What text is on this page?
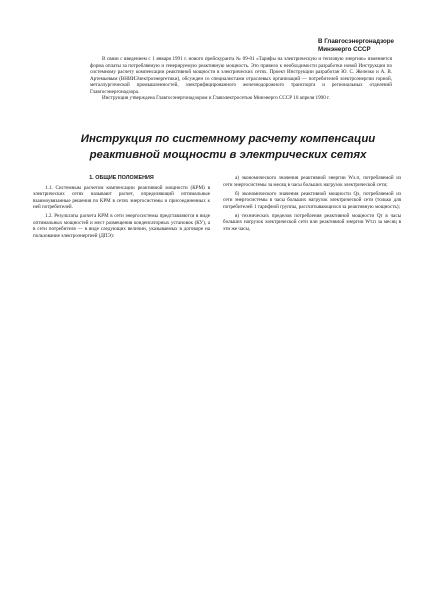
В Главгосэнергонадзоре
Минэнерго СССР

В связи с введением с 1 января 1991 г. нового прейскуранта № 09-01 «Тарифы на электрическую и тепловую энергию» изменяется форма оплаты за потребляемую и генерируемую реактивную мощность. Это привело к необходимости разработки новой Инструкции по системному расчету компенсации реактивной мощности в электрических сетях. Проект Инструкции разработан Ю. С. Железко и А. В. Артемьевым (ВНИИЭлектроэнергетики), обсужден со специалистами отраслевых организаций — потребителей электроэнергии горной, металлургической промышленностей, электрифицированного железнодорожного транспорта и региональных отделений Главгосэнергонадзора.

Инструкция утверждена Главгосэнергонадзором и Главэлектросетью Минэнерго СССР 10 апреля 1990 г.

Инструкция по системному расчету компенсации
реактивной мощности в электрических сетях
1. ОБЩИЕ ПОЛОЖЕНИЯ

1.1. Системным расчетом компенсации реактивной мощности (КРМ) в электрических сетях называют расчет, определяющий оптимальные взаимоувязанные решения по КРМ в сетях энергосистемы и присоединенных к ней потребителей.

1.2. Результаты расчета КРМ в сети энергосистемы представляются в виде оптимальных мощностей и мест размещения конденсаторных установок (КУ), а в сети потребителя — в виде следующих величин, указываемых в договоре на пользование электроэнергией (ДПЭ):

а) экономического значения реактивной энергии Wэ.п, потребляемой из сети энергосистемы за месяц в часы больших нагрузок электрической сети;

б) экономического значения реактивной мощности Qэ, потребляемой из сети энергосистемы в часы больших нагрузок электрической сети (только для потребителей 1 тарифной группы, рассчитывающихся за реактивную мощность);

в) технических пределов потребления реактивной мощности Qт в часы больших нагрузок электрической сети или реактивной энергии Wт.п за месяц в эти же часы,
